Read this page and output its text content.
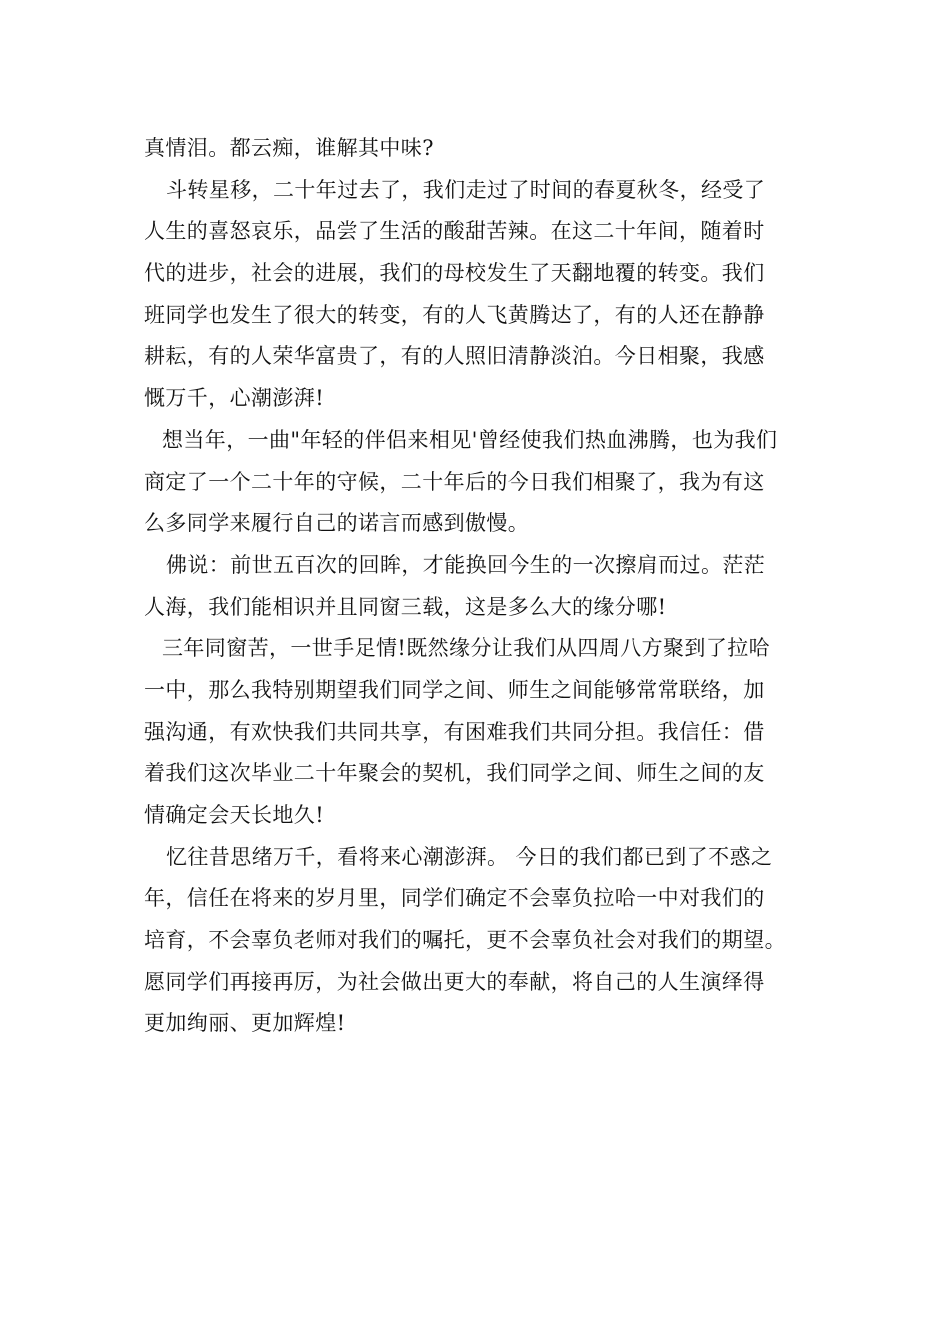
真情泪。都云痴，谁解其中味?
斗转星移，二十年过去了，我们走过了时间的春夏秋冬，经受了
人生的喜怒哀乐，品尝了生活的酸甜苦辣。在这二十年间，随着时
代的进步，社会的进展，我们的母校发生了天翻地覆的转变。我们
班同学也发生了很大的转变，有的人飞黄腾达了，有的人还在静静
耕耘，有的人荣华富贵了，有的人照旧清静淡泊。今日相聚，我感
慨万千，心潮澎湃!
想当年，一曲"年轻的伴侣来相见'曾经使我们热血沸腾，也为我们
商定了一个二十年的守候，二十年后的今日我们相聚了，我为有这
么多同学来履行自己的诺言而感到傲慢。
佛说：前世五百次的回眸，才能换回今生的一次擦肩而过。茫茫
人海，我们能相识并且同窗三载，这是多么大的缘分哪!
三年同窗苦，一世手足情!既然缘分让我们从四周八方聚到了拉哈
一中，那么我特别期望我们同学之间、师生之间能够常常联络，加
强沟通，有欢快我们共同共享，有困难我们共同分担。我信任：借
着我们这次毕业二十年聚会的契机，我们同学之间、师生之间的友
情确定会天长地久!
忆往昔思绪万千，看将来心潮澎湃。 今日的我们都已到了不惑之
年，信任在将来的岁月里，同学们确定不会辜负拉哈一中对我们的
培育，不会辜负老师对我们的嘱托，更不会辜负社会对我们的期望。
愿同学们再接再厉，为社会做出更大的奉献，将自己的人生演绎得
更加绚丽、更加辉煌!
